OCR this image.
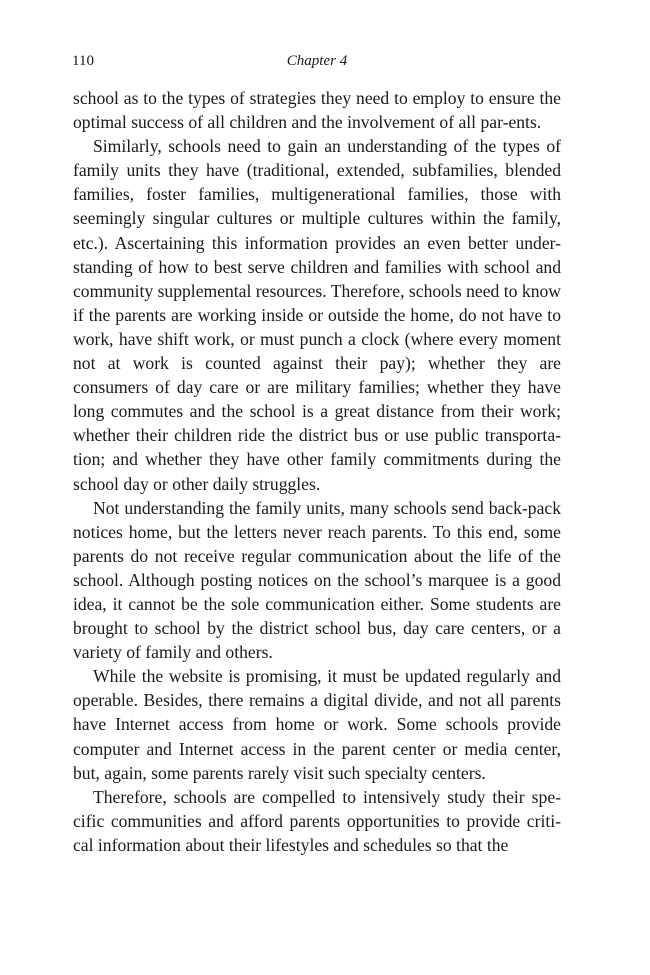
110	Chapter 4

school as to the types of strategies they need to employ to ensure the optimal success of all children and the involvement of all par-ents.

Similarly, schools need to gain an understanding of the types of family units they have (traditional, extended, subfamilies, blended families, foster families, multigenerational families, those with seemingly singular cultures or multiple cultures within the family, etc.). Ascertaining this information provides an even better under-standing of how to best serve children and families with school and community supplemental resources. Therefore, schools need to know if the parents are working inside or outside the home, do not have to work, have shift work, or must punch a clock (where every moment not at work is counted against their pay); whether they are consumers of day care or are military families; whether they have long commutes and the school is a great distance from their work; whether their children ride the district bus or use public transporta-tion; and whether they have other family commitments during the school day or other daily struggles.

Not understanding the family units, many schools send back-pack notices home, but the letters never reach parents. To this end, some parents do not receive regular communication about the life of the school. Although posting notices on the school’s marquee is a good idea, it cannot be the sole communication either. Some students are brought to school by the district school bus, day care centers, or a variety of family and others.

While the website is promising, it must be updated regularly and operable. Besides, there remains a digital divide, and not all parents have Internet access from home or work. Some schools provide computer and Internet access in the parent center or media center, but, again, some parents rarely visit such specialty centers.

Therefore, schools are compelled to intensively study their spe-cific communities and afford parents opportunities to provide criti-cal information about their lifestyles and schedules so that the
